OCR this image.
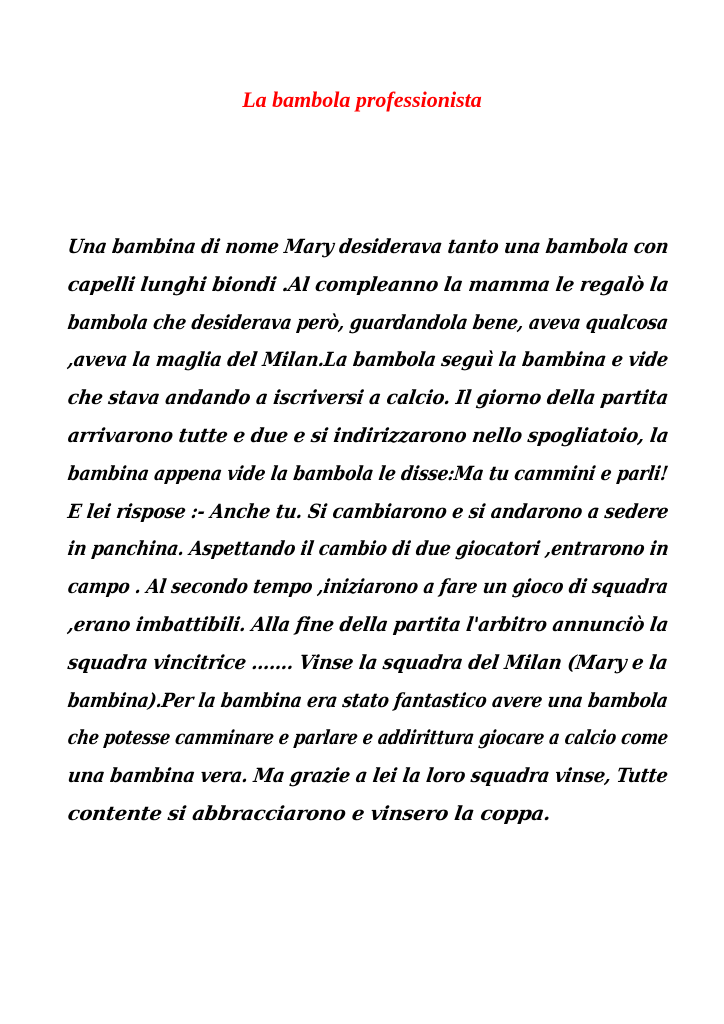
La bambola professionista
Una bambina di nome Mary desiderava tanto una bambola con
capelli lunghi biondi .Al compleanno la mamma le regalò la
bambola che desiderava però, guardandola bene, aveva qualcosa
,aveva la maglia del Milan.La bambola seguì la bambina e vide
che stava andando a iscriversi a calcio. Il giorno della partita
arrivarono tutte e due e si indirizzarono nello spogliatoio, la
bambina appena vide la bambola le disse:Ma tu cammini e parli!
E lei rispose :- Anche tu. Si cambiarono e si andarono a sedere
in panchina. Aspettando il cambio di due giocatori ,entrarono in
campo . Al secondo tempo ,iniziarono a fare un gioco di squadra
,erano imbattibili. Alla fine della partita l'arbitro annunciò la
squadra vincitrice ……. Vinse la squadra del Milan (Mary e la
bambina).Per la bambina era stato fantastico avere una bambola
che potesse camminare e parlare e addirittura giocare a calcio come
una bambina vera. Ma grazie a lei la loro squadra vinse, Tutte
contente si abbracciarono e vinsero la coppa.
